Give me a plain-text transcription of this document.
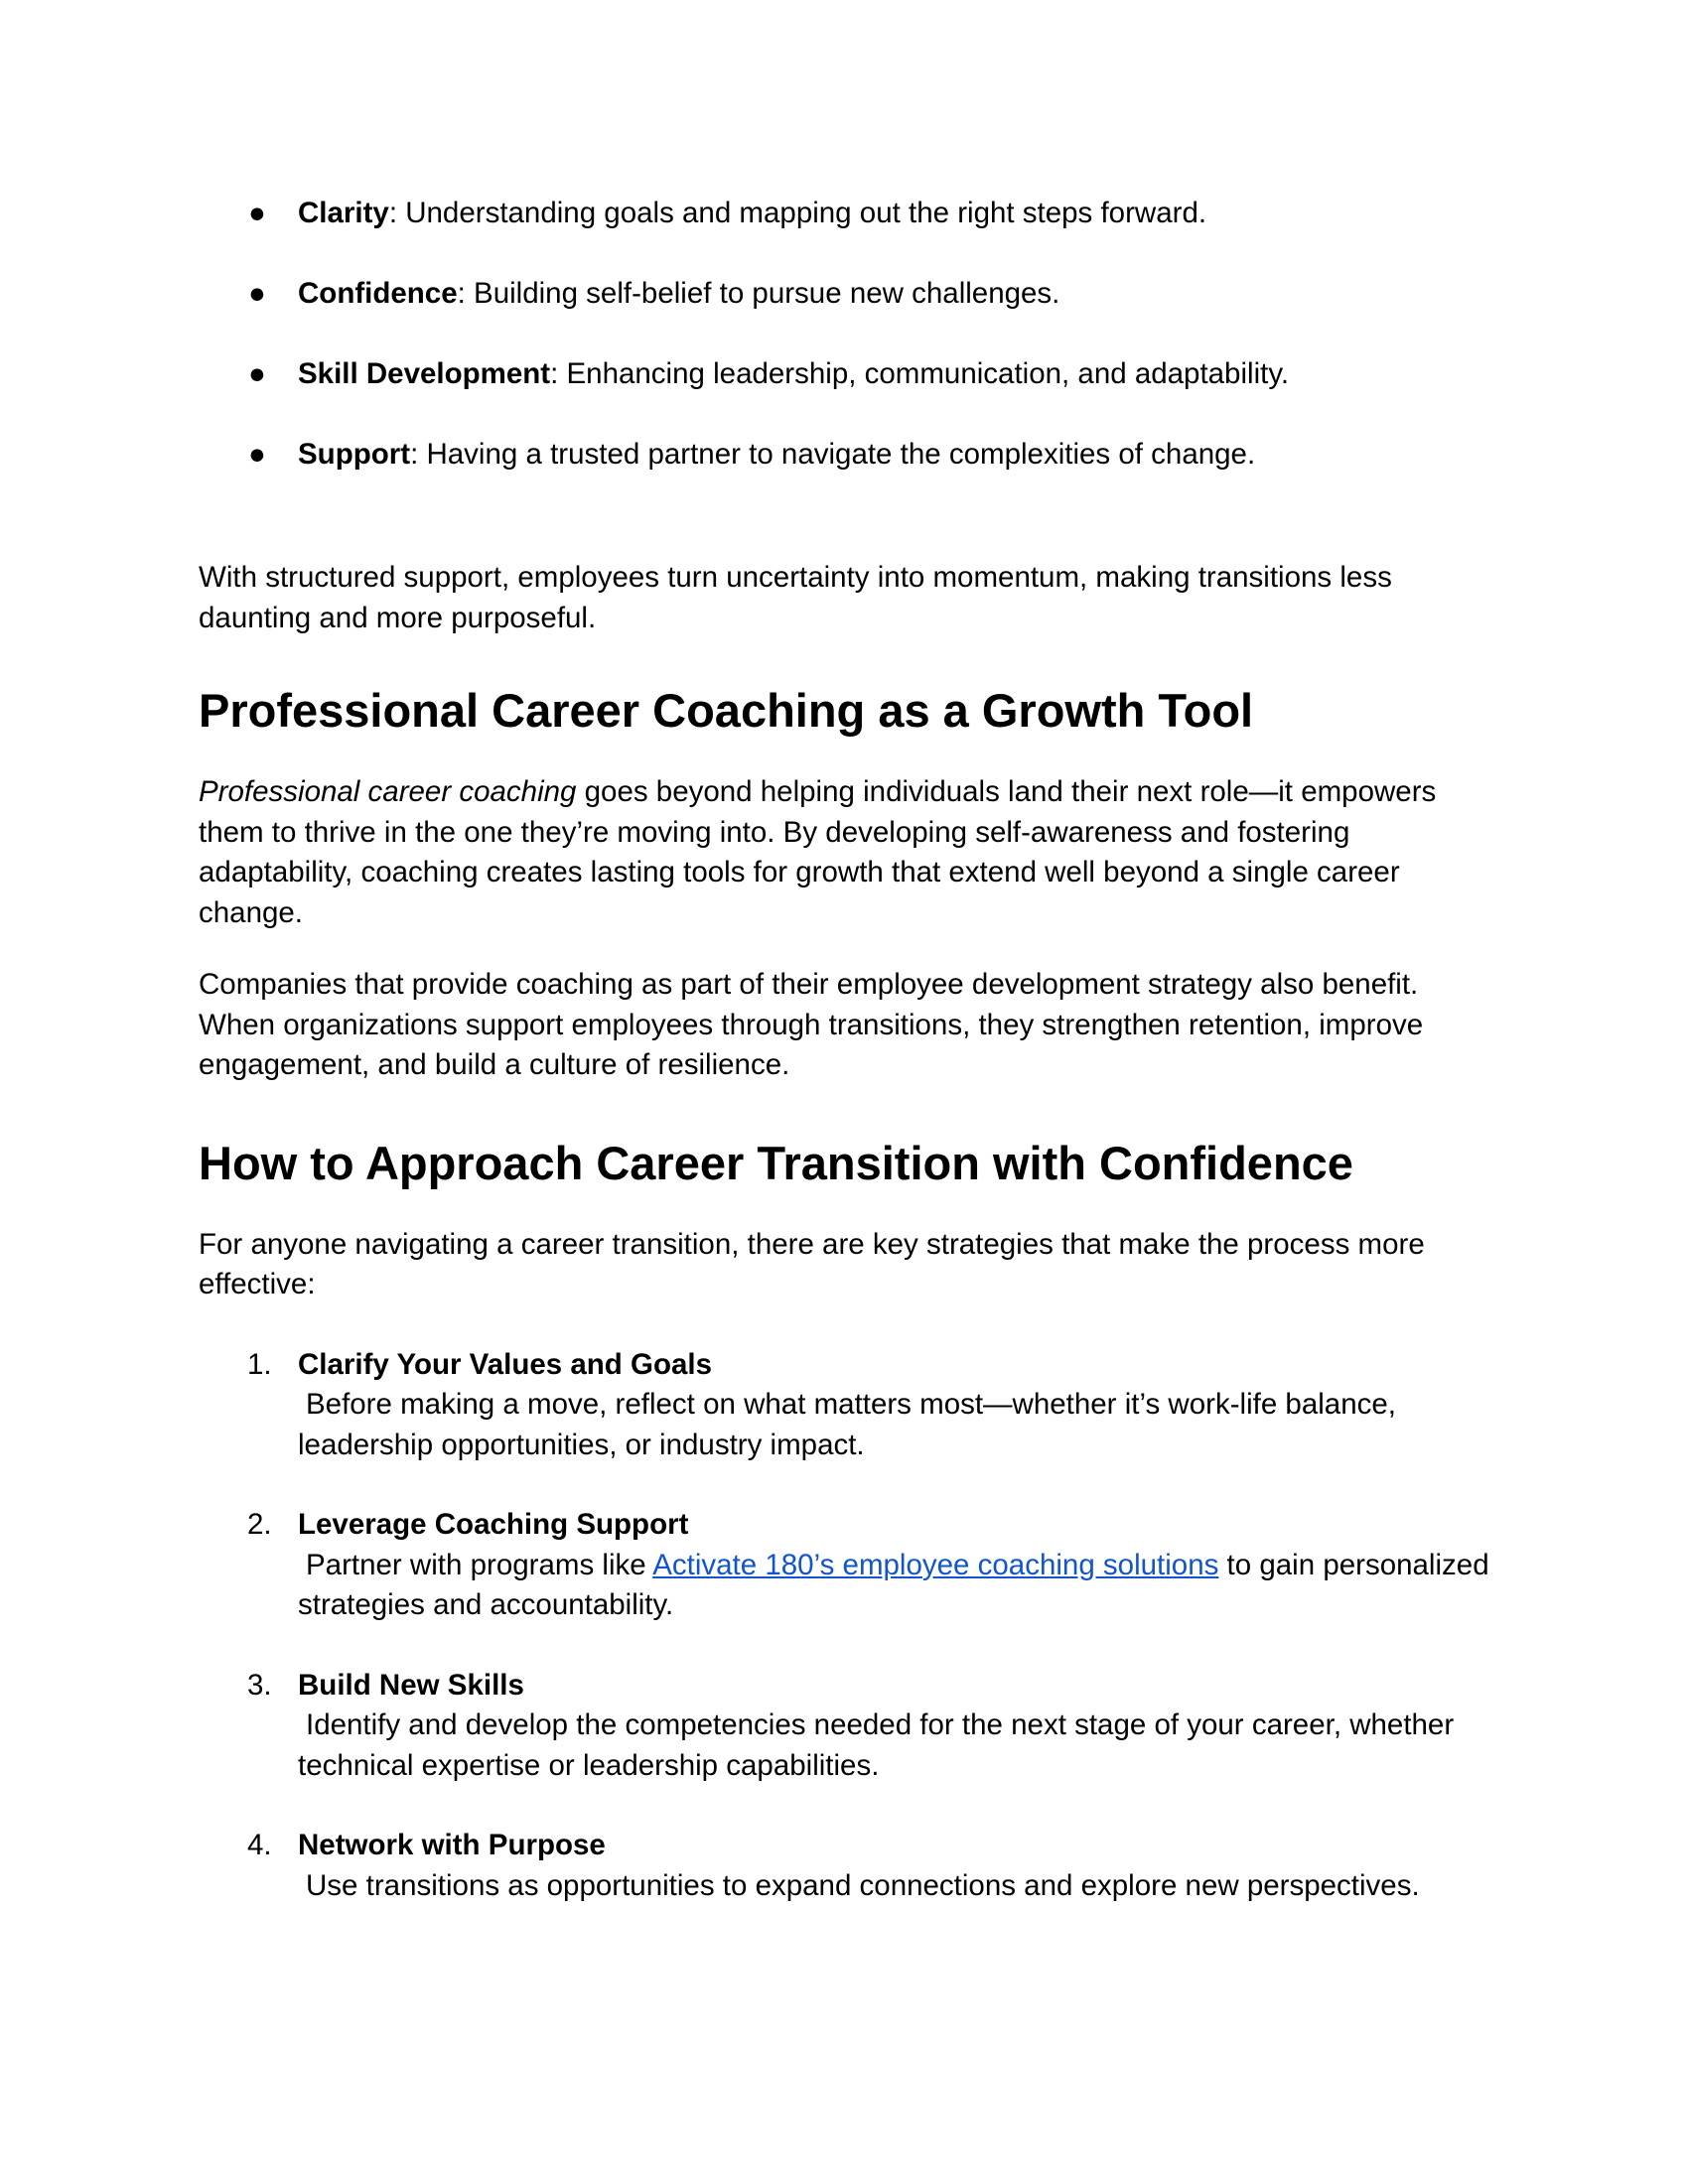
● Clarity: Understanding goals and mapping out the right steps forward.
● Confidence: Building self-belief to pursue new challenges.
● Skill Development: Enhancing leadership, communication, and adaptability.
● Support: Having a trusted partner to navigate the complexities of change.

With structured support, employees turn uncertainty into momentum, making transitions less daunting and more purposeful.

Professional Career Coaching as a Growth Tool

Professional career coaching goes beyond helping individuals land their next role—it empowers them to thrive in the one they’re moving into. By developing self-awareness and fostering adaptability, coaching creates lasting tools for growth that extend well beyond a single career change.

Companies that provide coaching as part of their employee development strategy also benefit. When organizations support employees through transitions, they strengthen retention, improve engagement, and build a culture of resilience.

How to Approach Career Transition with Confidence

For anyone navigating a career transition, there are key strategies that make the process more effective:

1. Clarify Your Values and Goals
Before making a move, reflect on what matters most—whether it’s work-life balance, leadership opportunities, or industry impact.
2. Leverage Coaching Support
Partner with programs like Activate 180’s employee coaching solutions to gain personalized strategies and accountability.
3. Build New Skills
Identify and develop the competencies needed for the next stage of your career, whether technical expertise or leadership capabilities.
4. Network with Purpose
Use transitions as opportunities to expand connections and explore new perspectives.
